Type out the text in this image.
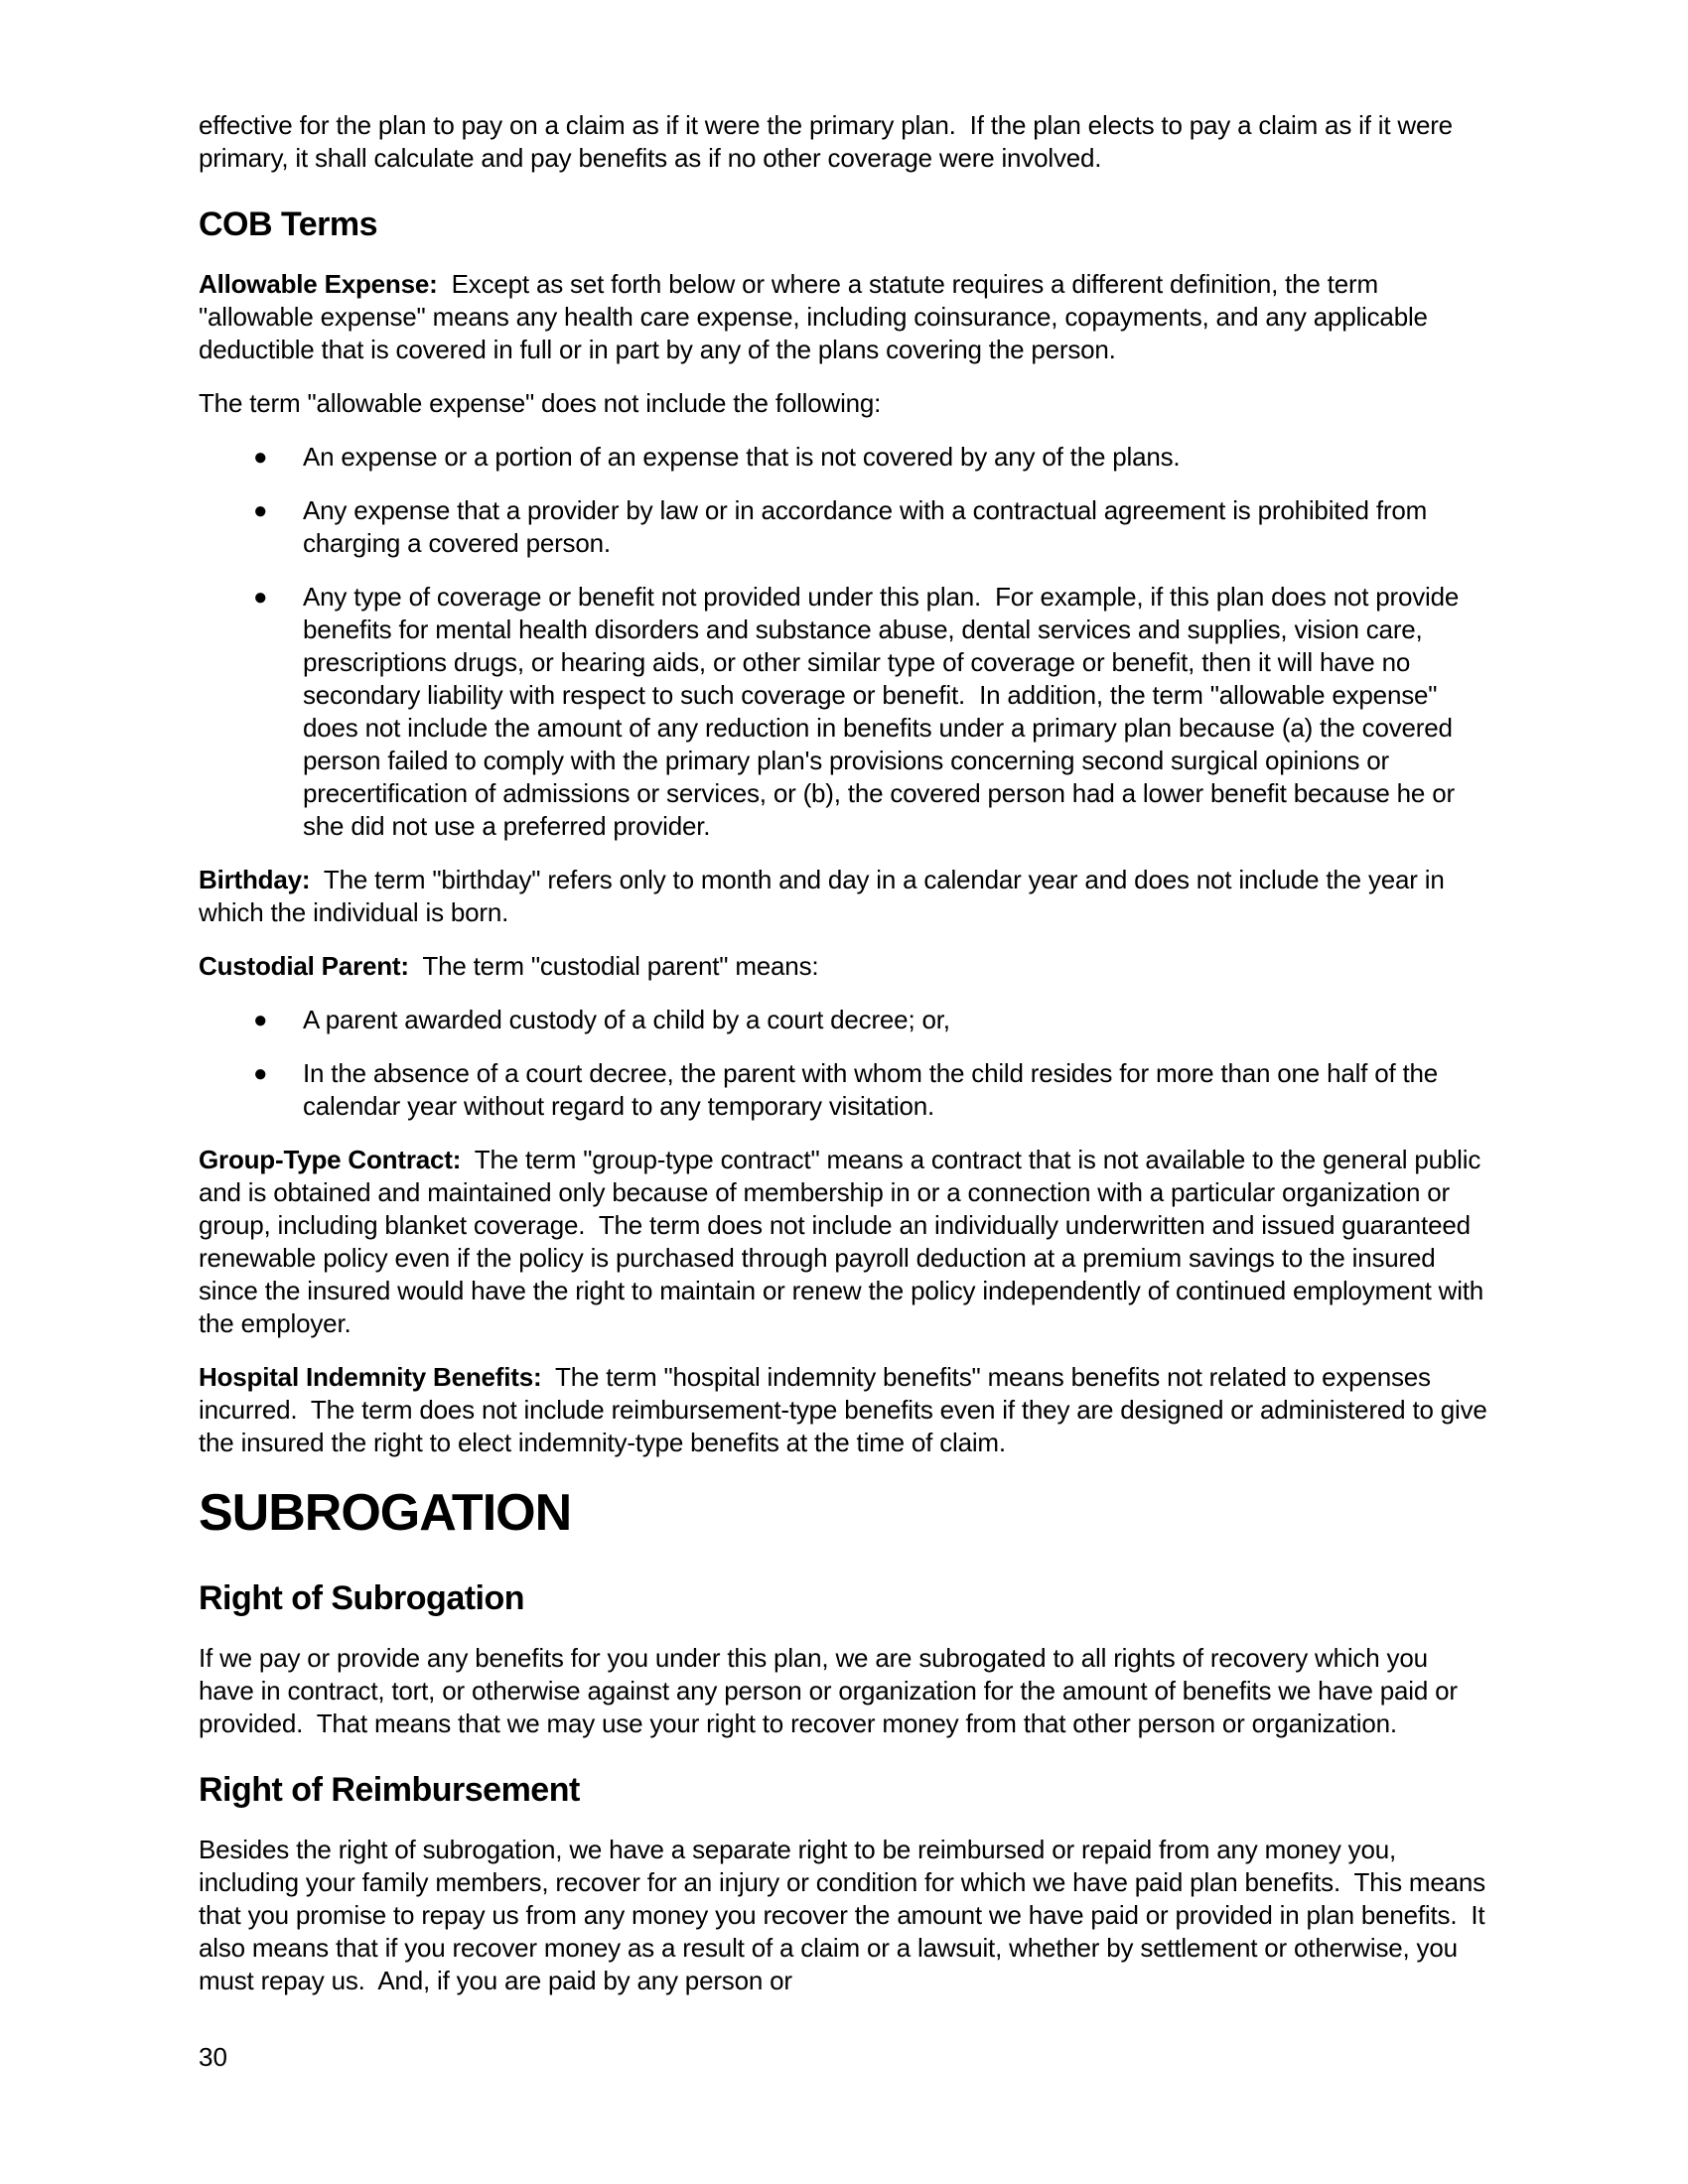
effective for the plan to pay on a claim as if it were the primary plan.  If the plan elects to pay a claim as if it were primary, it shall calculate and pay benefits as if no other coverage were involved.

COB Terms

Allowable Expense:  Except as set forth below or where a statute requires a different definition, the term "allowable expense" means any health care expense, including coinsurance, copayments, and any applicable deductible that is covered in full or in part by any of the plans covering the person.

The term "allowable expense" does not include the following:

●	An expense or a portion of an expense that is not covered by any of the plans.
●	Any expense that a provider by law or in accordance with a contractual agreement is prohibited from charging a covered person.
●	Any type of coverage or benefit not provided under this plan.  For example, if this plan does not provide benefits for mental health disorders and substance abuse, dental services and supplies, vision care, prescriptions drugs, or hearing aids, or other similar type of coverage or benefit, then it will have no secondary liability with respect to such coverage or benefit.  In addition, the term "allowable expense" does not include the amount of any reduction in benefits under a primary plan because (a) the covered person failed to comply with the primary plan's provisions concerning second surgical opinions or precertification of admissions or services, or (b), the covered person had a lower benefit because he or she did not use a preferred provider.

Birthday:  The term "birthday" refers only to month and day in a calendar year and does not include the year in which the individual is born.

Custodial Parent:  The term "custodial parent" means:

●	A parent awarded custody of a child by a court decree; or,
●	In the absence of a court decree, the parent with whom the child resides for more than one half of the calendar year without regard to any temporary visitation.

Group-Type Contract:  The term "group-type contract" means a contract that is not available to the general public and is obtained and maintained only because of membership in or a connection with a particular organization or group, including blanket coverage.  The term does not include an individually underwritten and issued guaranteed renewable policy even if the policy is purchased through payroll deduction at a premium savings to the insured since the insured would have the right to maintain or renew the policy independently of continued employment with the employer.

Hospital Indemnity Benefits:  The term "hospital indemnity benefits" means benefits not related to expenses incurred.  The term does not include reimbursement-type benefits even if they are designed or administered to give the insured the right to elect indemnity-type benefits at the time of claim.

SUBROGATION
Right of Subrogation

If we pay or provide any benefits for you under this plan, we are subrogated to all rights of recovery which you have in contract, tort, or otherwise against any person or organization for the amount of benefits we have paid or provided.  That means that we may use your right to recover money from that other person or organization.

Right of Reimbursement

Besides the right of subrogation, we have a separate right to be reimbursed or repaid from any money you, including your family members, recover for an injury or condition for which we have paid plan benefits.  This means that you promise to repay us from any money you recover the amount we have paid or provided in plan benefits.  It also means that if you recover money as a result of a claim or a lawsuit, whether by settlement or otherwise, you must repay us.  And, if you are paid by any person or

30
